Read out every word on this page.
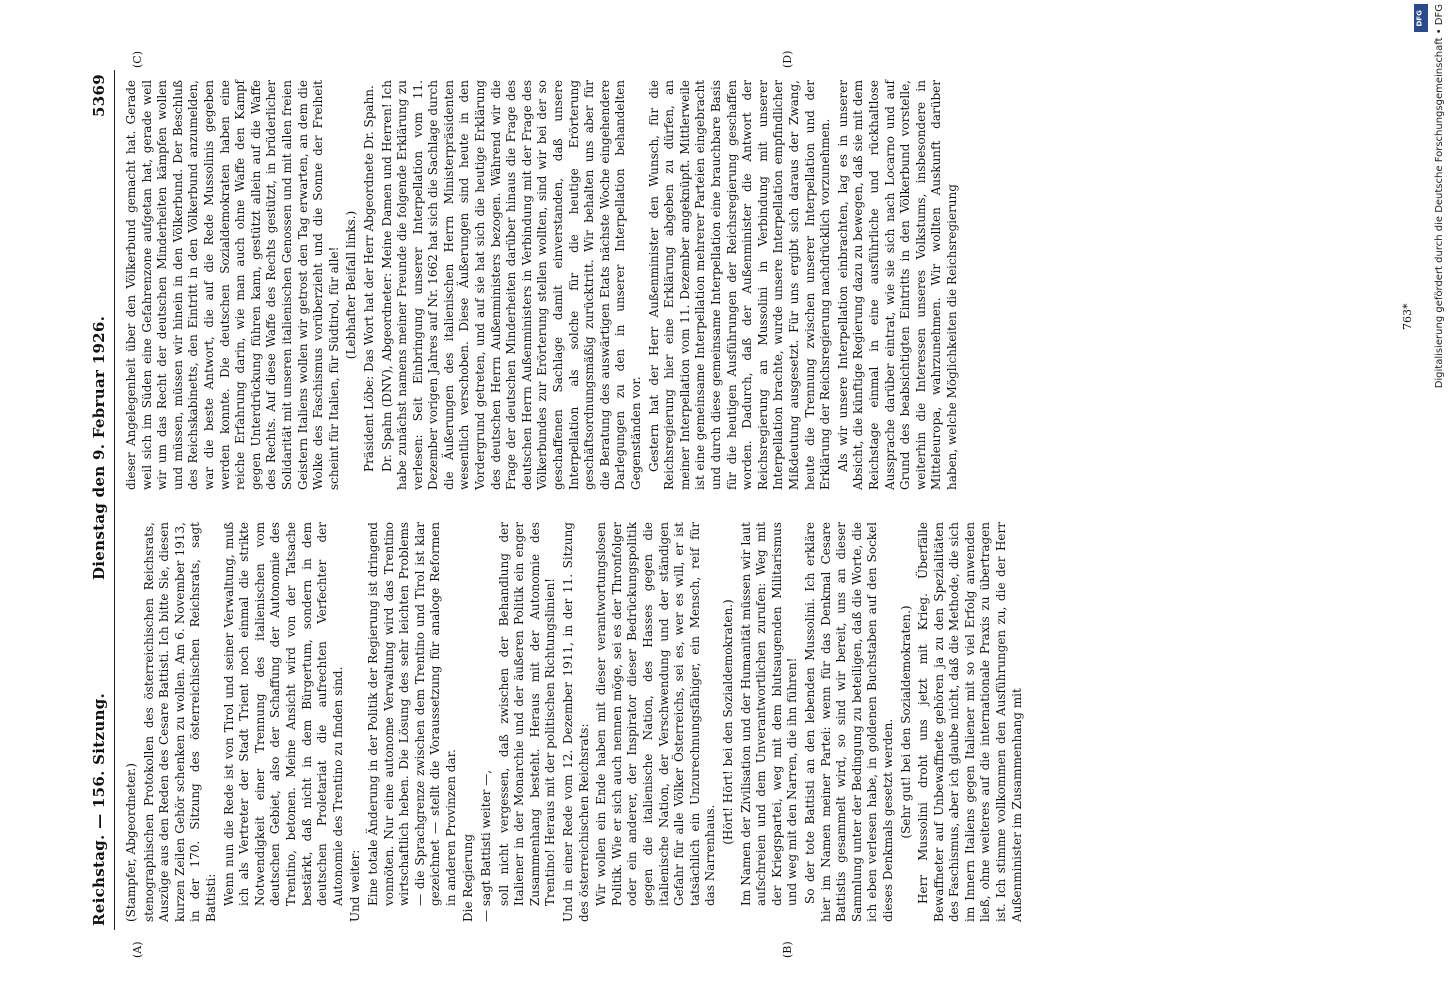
Reichstag. — 156. Sitzung.
Dienstag den 9. Februar 1926.
5369
(A)	(B)
(C)	(D)

(Stampfer, Abgeordneter.) stenographischen Protokollen des österreichischen Reichsrats, Auszüge aus den Reden des Cesare Battisti. Ich bitte Sie, diesen kurzen Zeilen Gehör schenken zu wollen. Am 6. November 1913, in der 170. Sitzung des österreichischen Reichsrats, sagt Battisti: Wenn nun die Rede ist von Tirol und seiner Verwaltung, muß ich als Vertreter der Stadt Trient noch einmal die strikte Notwendigkeit einer Trennung des italienischen vom deutschen Gebiet, also der Schaffung der Autonomie des Trentino, betonen. Meine Ansicht wird von der Tatsache bestärkt, daß nicht in dem Bürgertum, sondern in dem deutschen Proletariat die aufrechten Verfechter der Autonomie des Trentino zu finden sind. Und weiter: Eine totale Änderung in der Politik der Regierung ist dringend vonnöten. Nur eine autonome Verwaltung wird das Trentino wirtschaftlich heben. Die Lösung des sehr leichten Problems — die Sprachgrenze zwischen dem Trentino und Tirol ist klar gezeichnet — stellt die Voraussetzung für analoge Reformen in anderen Provinzen dar. Die Regierung — sagt Battisti weiter —, soll nicht vergessen, daß zwischen der Behandlung der Italiener in der Monarchie und der äußeren Politik ein enger Zusammenhang besteht. Heraus mit der Autonomie des Trentino! Heraus mit der politischen Richtungslinien! Und in einer Rede vom 12. Dezember 1911, in der 11. Sitzung des österreichischen Reichsrats: Wir wollen ein Ende haben mit dieser verantwortungslosen Politik. Wie er sich auch nennen möge, sei es der Thronfolger oder ein anderer, der Inspirator dieser Bedrückungspolitik gegen die italienische Nation, des Hasses gegen die italienische Nation, der Verschwendung und der ständigen Gefahr für alle Völker Österreichs, sei es, wer es will, er ist tatsächlich ein Unzurechnungsfähiger, ein Mensch, reif für das Narrenhaus.

(Hört! Hört! bei den Sozialdemokraten.) Im Namen der Zivilisation und der Humanität müssen wir laut aufschreien und dem Unverantwortlichen zurufen: Weg mit der Kriegspartei, weg mit dem blutsaugenden Militarismus und weg mit den Narren, die ihn führen! So der tote Battisti an den lebenden Mussolini. Ich erkläre hier im Namen meiner Partei: wenn für das Denkmal Cesare Battistis gesammelt wird, so sind wir bereit, uns an dieser Sammlung unter der Bedingung zu beteiligen, daß die Worte, die ich eben verlesen habe, in goldenen Buchstaben auf den Sockel dieses Denkmals gesetzt werden. (Sehr gut! bei den Sozialdemokraten.) Herr Mussolini droht uns jetzt mit Krieg. Überfälle Bewaffneter auf Unbewaffnete gehören ja zu den Spezialitäten des Faschismus, aber ich glaube nicht, daß die Methode, die sich im Innern Italiens gegen Italiener mit so viel Erfolg anwenden ließ, ohne weiteres auf die internationale Praxis zu übertragen ist. Ich stimme vollkommen den Ausführungen zu, die der Herr Außenminister im Zusammenhang mit

dieser Angelegenheit über den Völkerbund gemacht hat. Gerade weil sich im Süden eine Gefahrenzone aufgetan hat, gerade weil wir um das Recht der deutschen Minderheiten kämpfen wollen und müssen, müssen wir hinein in den Völkerbund. Der Beschluß des Reichskabinetts, den Eintritt in den Völkerbund anzumelden, war die beste Antwort, die auf die Rede Mussolinis gegeben werden konnte. Die deutschen Sozialdemokraten haben eine reiche Erfahrung darin, wie man auch ohne Waffe den Kampf gegen Unterdrückung führen kann, gestützt allein auf die Waffe des Rechts. Auf diese Waffe des Rechts gestützt, in brüderlicher Solidarität mit unseren italienischen Genossen und mit allen freien Geistern Italiens wollen wir getrost den Tag erwarten, an dem die Wolke des Faschismus vorüberzieht und die Sonne der Freiheit scheint für Italien, für Südtirol, für alle! (Lebhafter Beifall links.) Präsident Löbe: Das Wort hat der Herr Abgeordnete Dr. Spahn. Dr. Spahn (DNV), Abgeordneter: Meine Damen und Herren! Ich habe zunächst namens meiner Freunde die folgende Erklärung zu verlesen: Seit Einbringung unserer Interpellation vom 11. Dezember vorigen Jahres auf Nr. 1662 hat sich die Sachlage durch die Äußerungen des italienischen Herrn Ministerpräsidenten wesentlich verschoben. Diese Äußerungen sind heute in den Vordergrund getreten, und auf sie hat sich die heutige Erklärung des deutschen Herrn Außenministers bezogen. Während wir die Frage der deutschen Minderheiten darüber hinaus die Frage des deutschen Herrn Außenministers in Verbindung mit der Frage des Völkerbundes zur Erörterung stellen wollten, sind wir bei der so geschaffenen Sachlage damit einverstanden, daß unsere Interpellation als solche für die heutige Erörterung geschäftsordnungsmäßig zurücktritt. Wir behalten uns aber für die Beratung des auswärtigen Etats nächste Woche eingehendere Darlegungen zu den in unserer Interpellation behandelten Gegenständen vor. Gestern hat der Herr Außenminister den Wunsch, für die Reichsregierung hier eine Erklärung abgeben zu dürfen, an meiner Interpellation vom 11. Dezember angeknüpft. Mittlerweile ist eine gemeinsame Interpellation mehrerer Parteien eingebracht und durch diese gemeinsame Interpellation eine brauchbare Basis für die heutigen Ausführungen der Reichsregierung geschaffen worden. Dadurch, daß der Außenminister die Antwort der Reichsregierung an Mussolini in Verbindung mit unserer Interpellation brachte, wurde unsere Interpellation empfindlicher Mißdeutung ausgesetzt. Für uns ergibt sich daraus der Zwang, heute die Trennung zwischen unserer Interpellation und der Erklärung der Reichsregierung nachdrücklich vorzunehmen. Als wir unsere Interpellation einbrachten, lag es in unserer Absicht, die künftige Regierung dazu zu bewegen, daß sie mit dem Reichstage einmal in eine ausführliche und rückhaltlose Aussprache darüber eintrat, wie sie sich nach Locarno und auf Grund des beabsichtigten Eintritts in den Völkerbund vorstelle, weiterhin die Interessen unseres Volkstums, insbesondere in Mitteleuropa, wahrzunehmen. Wir wollten Auskunft darüber haben, welche Möglichkeiten die Reichsregierung	763*
DFG Digitalisierung gefördert durch die Deutsche Forschungsgemeinschaft • DFG
